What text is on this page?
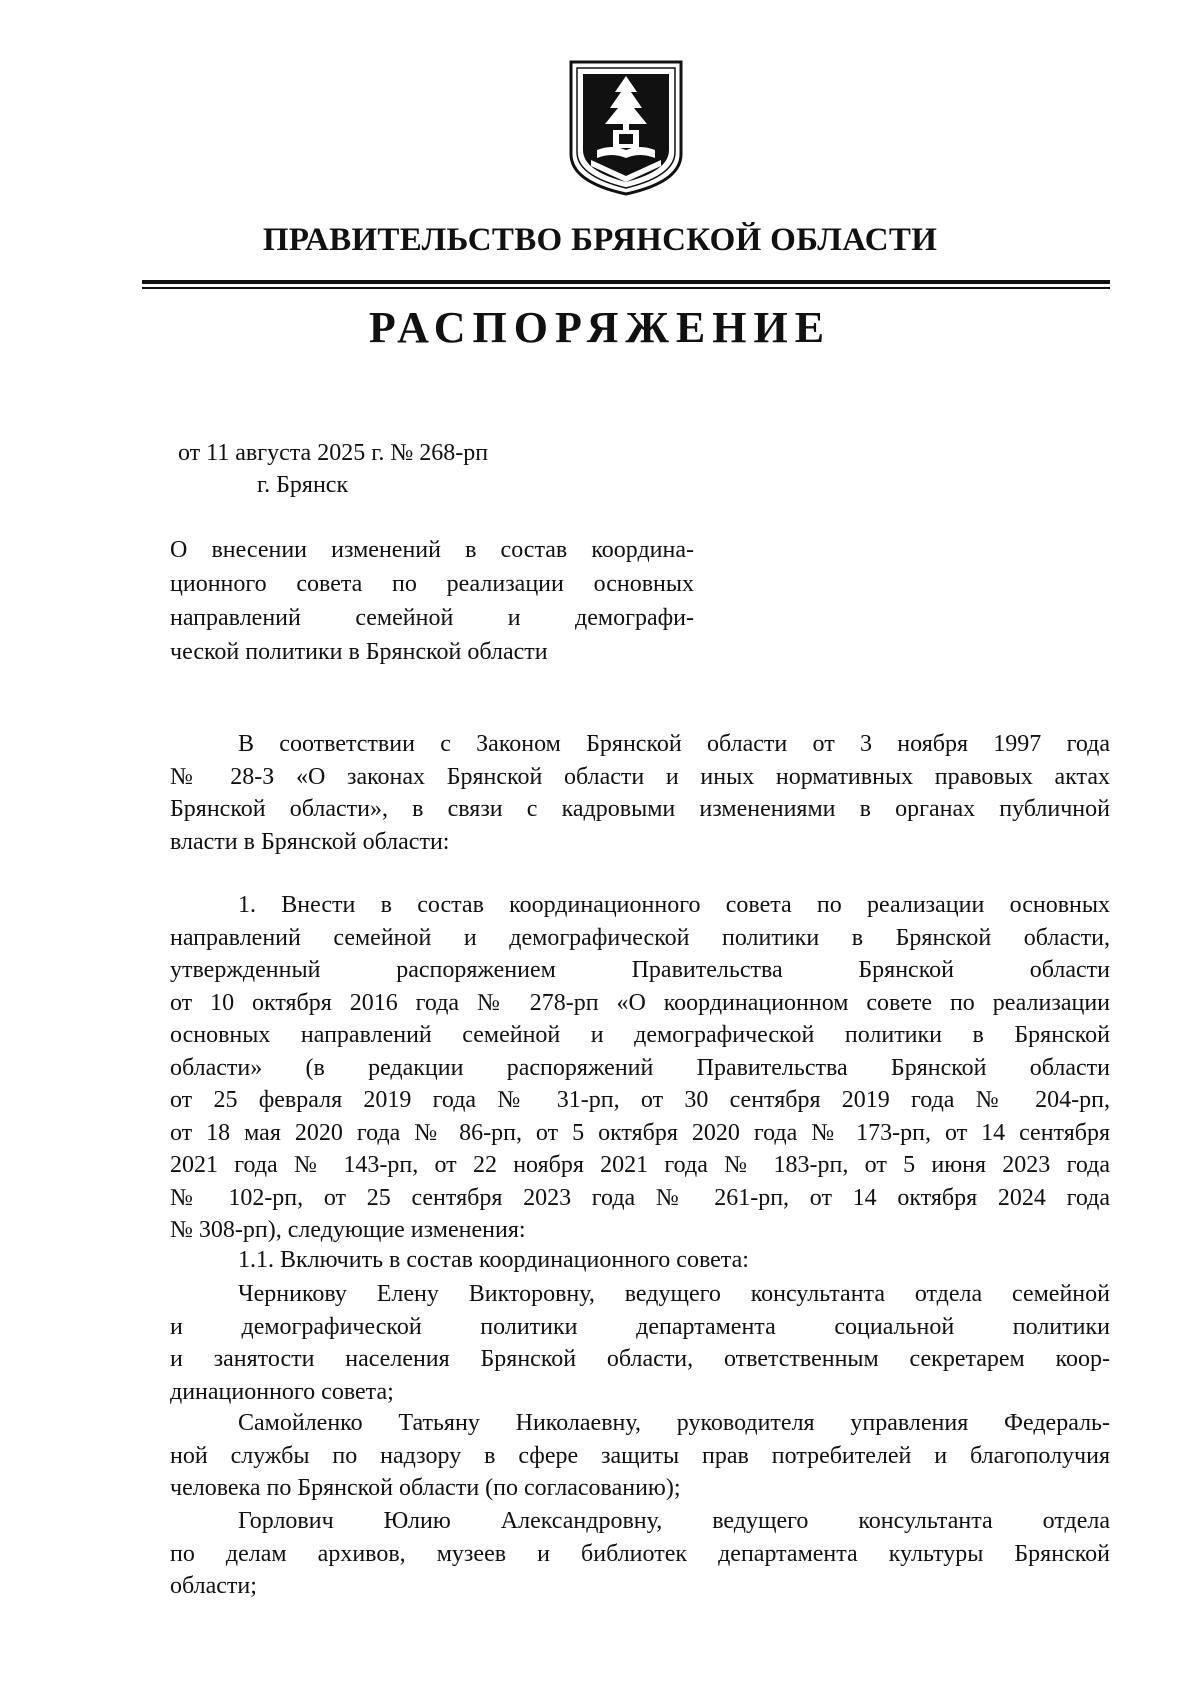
ПРАВИТЕЛЬСТВО БРЯНСКОЙ ОБЛАСТИ
РАСПОРЯЖЕНИЕ
от 11 августа 2025 г. № 268-рп
г. Брянск
О внесении изменений в состав координа-
ционного совета по реализации основных
направлений семейной и демографи-
ческой политики в Брянской области
В соответствии с Законом Брянской области от 3 ноября 1997 года
№ 28-З «О законах Брянской области и иных нормативных правовых актах
Брянской области», в связи с кадровыми изменениями в органах публичной
власти в Брянской области:
1. Внести в состав координационного совета по реализации основных
направлений семейной и демографической политики в Брянской области,
утвержденный распоряжением Правительства Брянской области
от 10 октября 2016 года № 278-рп «О координационном совете по реализации
основных направлений семейной и демографической политики в Брянской
области» (в редакции распоряжений Правительства Брянской области
от 25 февраля 2019 года № 31-рп, от 30 сентября 2019 года № 204-рп,
от 18 мая 2020 года № 86-рп, от 5 октября 2020 года № 173-рп, от 14 сентября
2021 года № 143-рп, от 22 ноября 2021 года № 183-рп, от 5 июня 2023 года
№ 102-рп, от 25 сентября 2023 года № 261-рп, от 14 октября 2024 года
№ 308-рп), следующие изменения:
1.1. Включить в состав координационного совета:
Черникову Елену Викторовну, ведущего консультанта отдела семейной
и демографической политики департамента социальной политики
и занятости населения Брянской области, ответственным секретарем коор-
динационного совета;
Самойленко Татьяну Николаевну, руководителя управления Федераль-
ной службы по надзору в сфере защиты прав потребителей и благополучия
человека по Брянской области (по согласованию);
Горлович Юлию Александровну, ведущего консультанта отдела
по делам архивов, музеев и библиотек департамента культуры Брянской
области;
